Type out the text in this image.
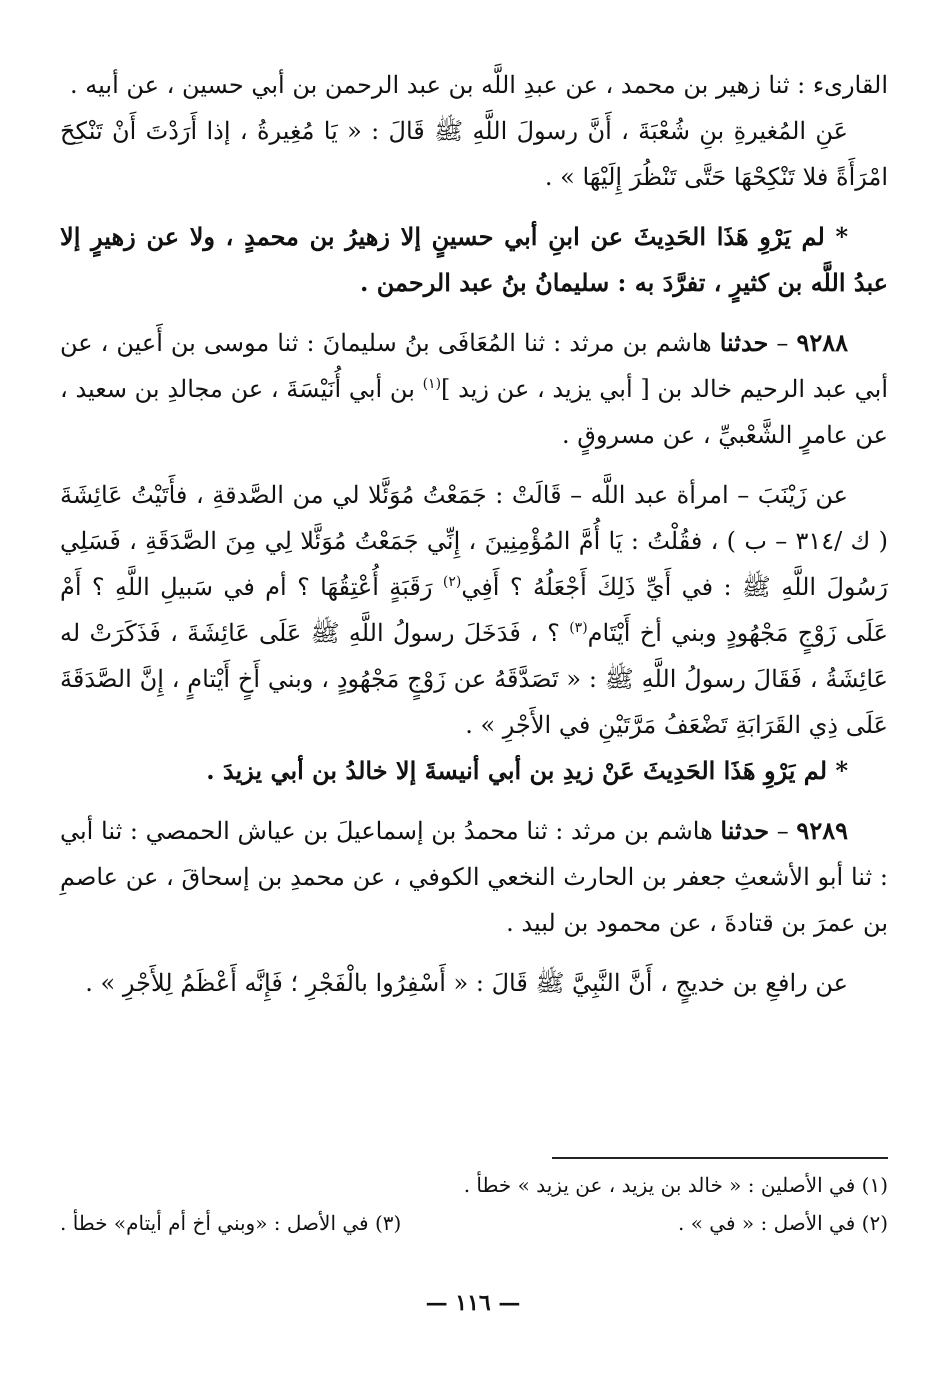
القارىء : ثنا زهير بن محمد ، عن عبدِ اللَّه بن عبد الرحمن بن أبي حسين ، عن أبيه .

عَنِ المُغيرةِ بنِ شُعْبَةَ ، أَنَّ رسولَ اللَّهِ ﷺ قَالَ : « يَا مُغِيرةُ ، إذا أَرَدْتَ أَنْ تَنْكِحَ امْرَأَةً فلا تَنْكِحْهَا حَتَّى تَنْظُرَ إِلَيْهَا » .

* لم يَرْوِ هَذَا الحَدِيثَ عن ابنِ أبي حسينٍ إلا زهيرُ بن محمدٍ ، ولا عن زهيرٍ إلا عبدُ اللَّه بن كثيرٍ ، تفرَّدَ به : سليمانُ بنُ عبد الرحمن .

٩٢٨٨ – حدثنا هاشم بن مرثد : ثنا المُعَافَى بنُ سليمانَ : ثنا موسى بن أَعين ، عن أبي عبد الرحيم خالد بن [ أبي يزيد ، عن زيد ]$^{(١)}$ بن أبي أُنَيْسَةَ ، عن مجالدِ بن سعيد ، عن عامرٍ الشَّعْبيِّ ، عن مسروقٍ .

عن زَيْنَبَ – امرأة عبد اللَّه – قَالَتْ : جَمَعْتُ مُوَئَّلا لي من الصَّدقةِ ، فأَتَيْتُ عَائِشَةَ ( ك /٣١٤ – ب ) ، فقُلْتُ : يَا أُمَّ المُؤْمِنِينَ ، إِنِّي جَمَعْتُ مُوَئَّلا لِي مِنَ الصَّدَقَةِ ، فَسَلِي رَسُولَ اللَّهِ ﷺ : في أَيِّ ذَلِكَ أَجْعَلُهُ ؟ أَفِي$^{(٢)}$ رَقَبَةٍ أُعْتِقُهَا ؟ أم في سَبيلِ اللَّهِ ؟ أَمْ عَلَى زَوْجٍ مَجْهُودٍ وبني أخ أَيْتَام$^{(٣)}$ ؟ ، فَدَخَلَ رسولُ اللَّهِ ﷺ عَلَى عَائِشَةَ ، فَذَكَرَتْ له عَائِشَةُ ، فَقَالَ رسولُ اللَّهِ ﷺ : « تَصَدَّقَهُ عن زَوْجٍ مَجْهُودٍ ، وبني أَخٍ أَيْتامٍ ، إِنَّ الصَّدَقَةَ عَلَى ذِي القَرَابَةِ تَضْعَفُ مَرَّتَيْنِ في الأَجْرِ » .

* لم يَرْوِ هَذَا الحَدِيثَ عَنْ زيدِ بن أبي أنيسةَ إلا خالدُ بن أبي يزيدَ .

٩٢٨٩ – حدثنا هاشم بن مرثد : ثنا محمدُ بن إسماعيلَ بن عياش الحمصي : ثنا أبي : ثنا أبو الأشعثِ جعفر بن الحارث النخعي الكوفي ، عن محمدِ بن إسحاقَ ، عن عاصمِ بن عمرَ بن قتادةَ ، عن محمود بن لبيد .

عن رافعِ بن خديجٍ ، أَنَّ النَّبِيَّ ﷺ قَالَ : « أَسْفِرُوا بالْفَجْرِ ؛ فَإِنَّه أَعْظَمُ لِلأَجْرِ » .

(١) في الأصلين : « خالد بن يزيد ، عن يزيد » خطأ .
(٢) في الأصل : « في » .
(٣) في الأصل : «وبني أخ أم أيتام» خطأ .
— ١١٦ —
